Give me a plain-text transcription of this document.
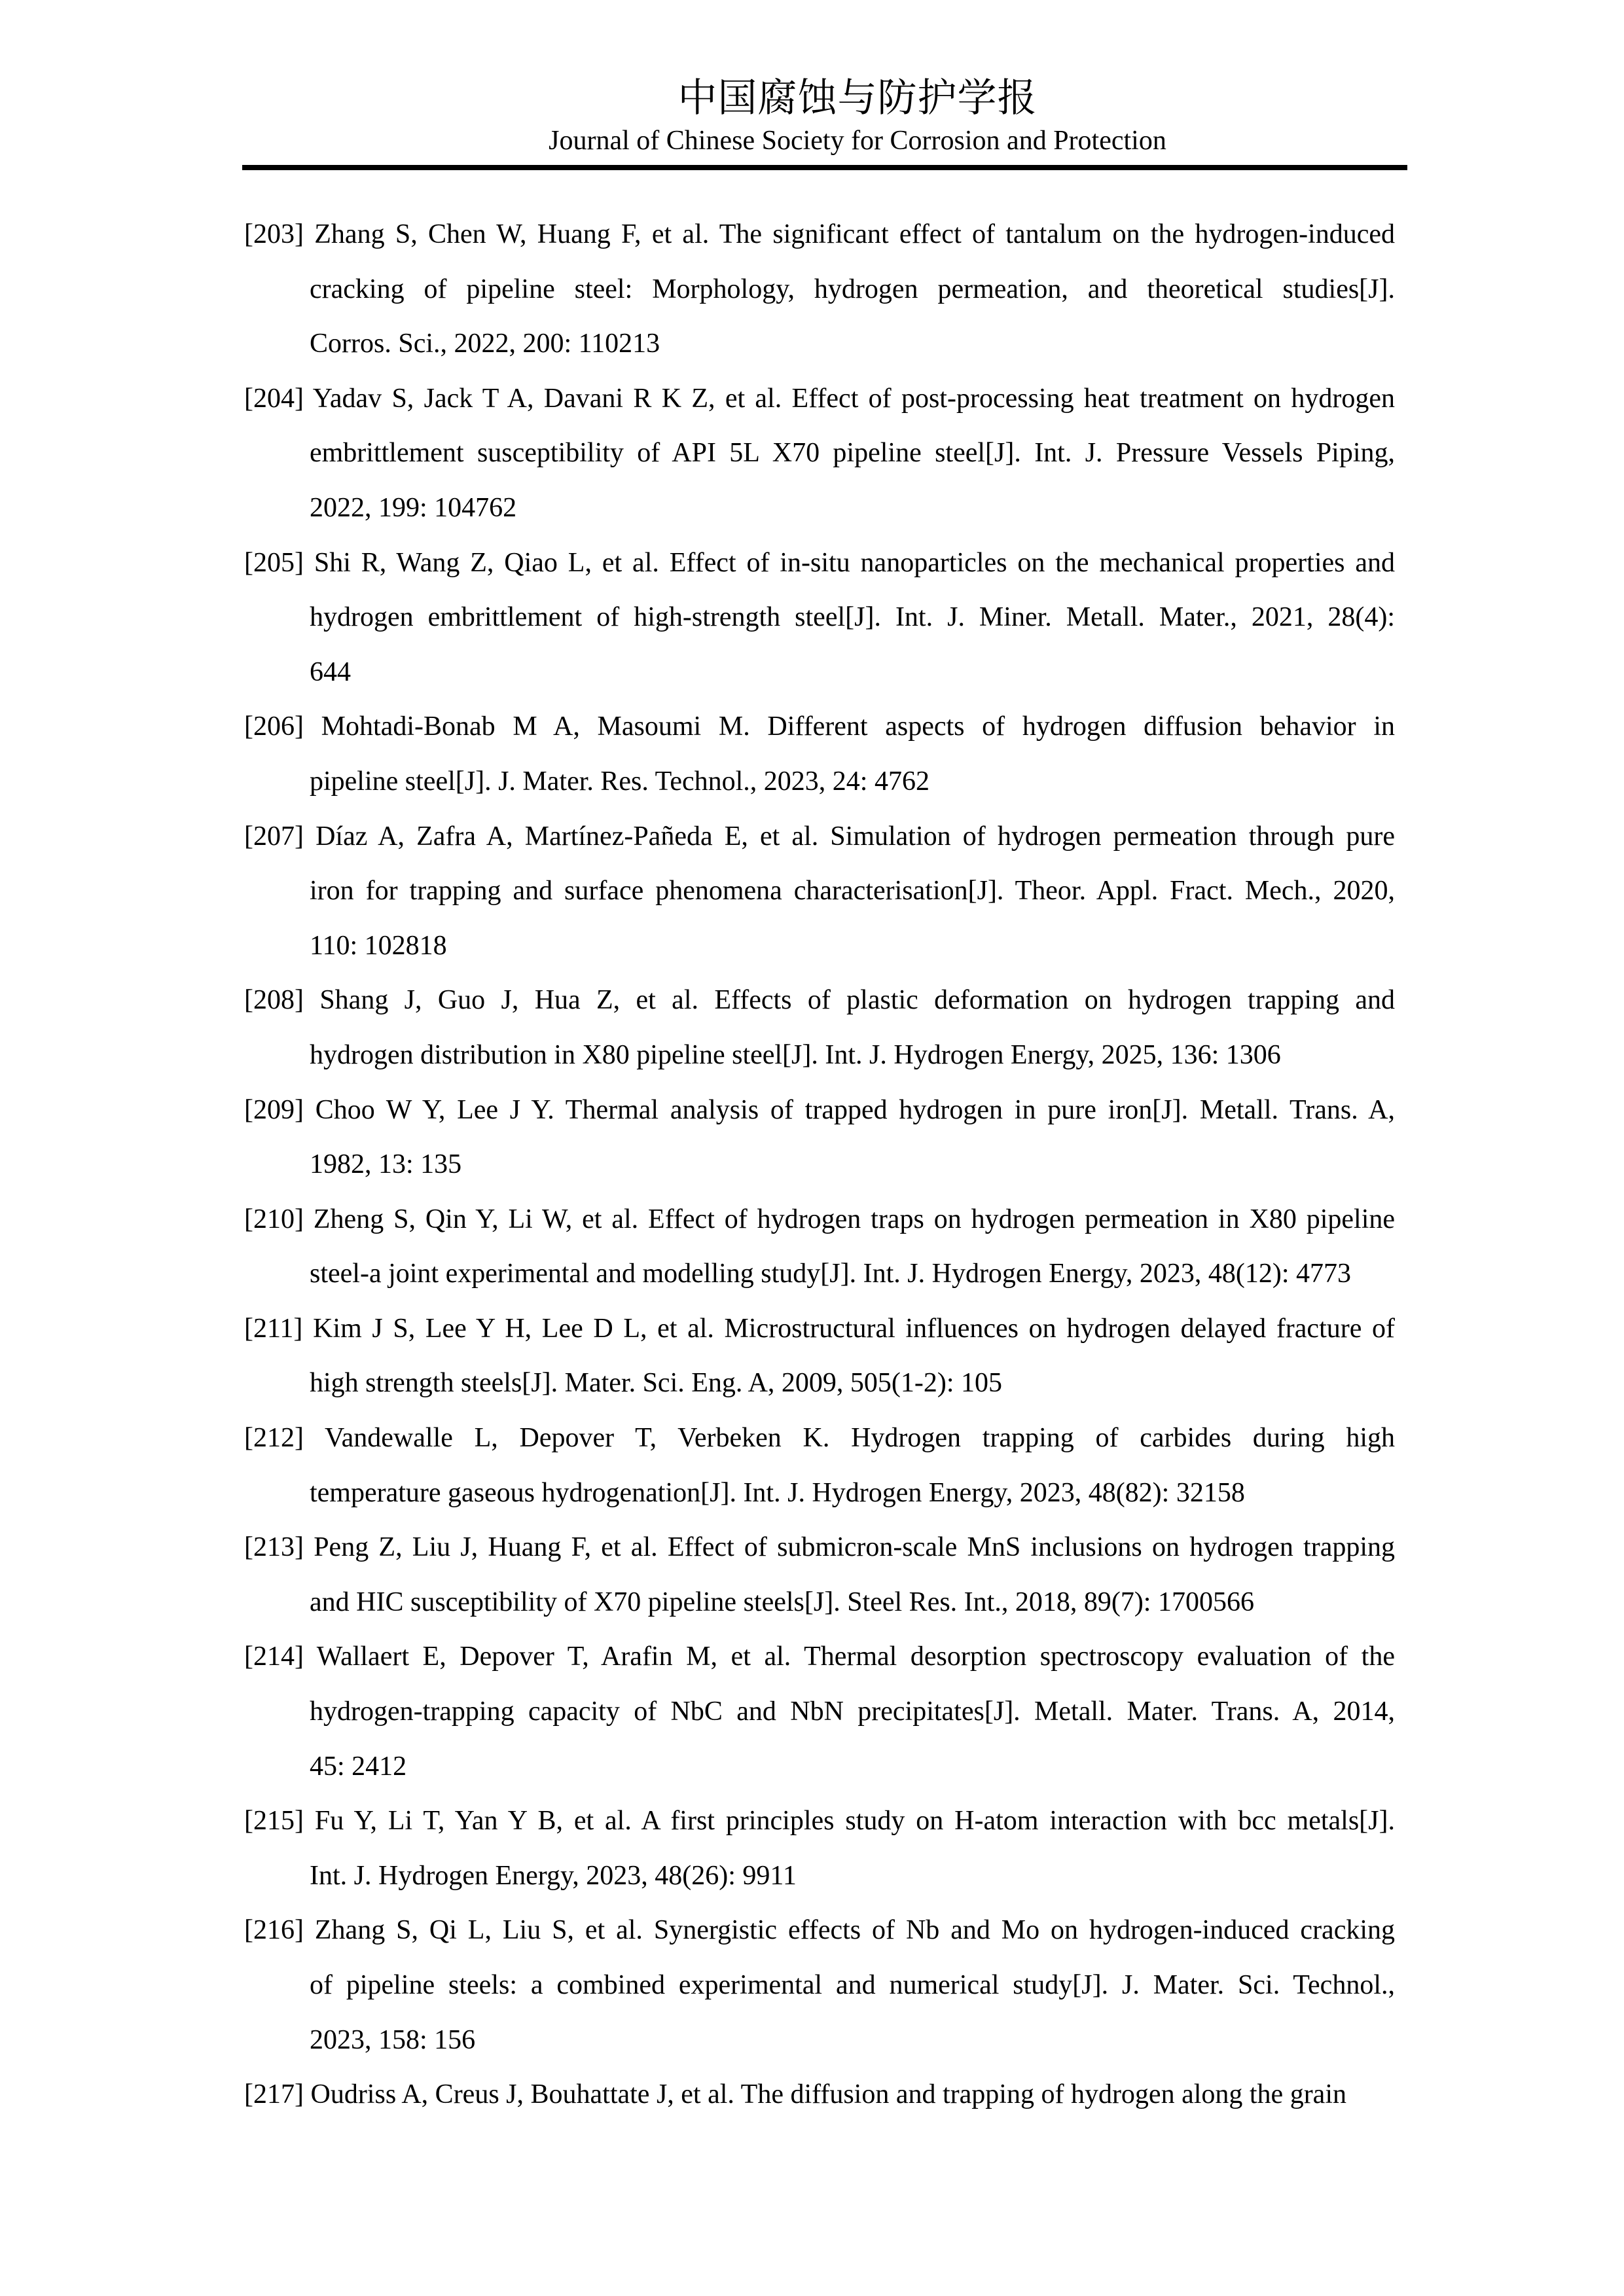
中国腐蚀与防护学报
Journal of Chinese Society for Corrosion and Protection
[203] Zhang S, Chen W, Huang F, et al. The significant effect of tantalum on the hydrogen-induced
cracking of pipeline steel: Morphology, hydrogen permeation, and theoretical studies[J].
Corros. Sci., 2022, 200: 110213
[204] Yadav S, Jack T A, Davani R K Z, et al. Effect of post-processing heat treatment on hydrogen
embrittlement susceptibility of API 5L X70 pipeline steel[J]. Int. J. Pressure Vessels Piping,
2022, 199: 104762
[205] Shi R, Wang Z, Qiao L, et al. Effect of in-situ nanoparticles on the mechanical properties and
hydrogen embrittlement of high-strength steel[J]. Int. J. Miner. Metall. Mater., 2021, 28(4):
644
[206] Mohtadi-Bonab M A, Masoumi M. Different aspects of hydrogen diffusion behavior in
pipeline steel[J]. J. Mater. Res. Technol., 2023, 24: 4762
[207] Díaz A, Zafra A, Martínez-Pañeda E, et al. Simulation of hydrogen permeation through pure
iron for trapping and surface phenomena characterisation[J]. Theor. Appl. Fract. Mech., 2020,
110: 102818
[208] Shang J, Guo J, Hua Z, et al. Effects of plastic deformation on hydrogen trapping and
hydrogen distribution in X80 pipeline steel[J]. Int. J. Hydrogen Energy, 2025, 136: 1306
[209] Choo W Y, Lee J Y. Thermal analysis of trapped hydrogen in pure iron[J]. Metall. Trans. A,
1982, 13: 135
[210] Zheng S, Qin Y, Li W, et al. Effect of hydrogen traps on hydrogen permeation in X80 pipeline
steel-a joint experimental and modelling study[J]. Int. J. Hydrogen Energy, 2023, 48(12): 4773
[211] Kim J S, Lee Y H, Lee D L, et al. Microstructural influences on hydrogen delayed fracture of
high strength steels[J]. Mater. Sci. Eng. A, 2009, 505(1-2): 105
[212] Vandewalle L, Depover T, Verbeken K. Hydrogen trapping of carbides during high
temperature gaseous hydrogenation[J]. Int. J. Hydrogen Energy, 2023, 48(82): 32158
[213] Peng Z, Liu J, Huang F, et al. Effect of submicron-scale MnS inclusions on hydrogen trapping
and HIC susceptibility of X70 pipeline steels[J]. Steel Res. Int., 2018, 89(7): 1700566
[214] Wallaert E, Depover T, Arafin M, et al. Thermal desorption spectroscopy evaluation of the
hydrogen-trapping capacity of NbC and NbN precipitates[J]. Metall. Mater. Trans. A, 2014,
45: 2412
[215] Fu Y, Li T, Yan Y B, et al. A first principles study on H-atom interaction with bcc metals[J].
Int. J. Hydrogen Energy, 2023, 48(26): 9911
[216] Zhang S, Qi L, Liu S, et al. Synergistic effects of Nb and Mo on hydrogen-induced cracking
of pipeline steels: a combined experimental and numerical study[J]. J. Mater. Sci. Technol.,
2023, 158: 156
[217] Oudriss A, Creus J, Bouhattate J, et al. The diffusion and trapping of hydrogen along the grain
